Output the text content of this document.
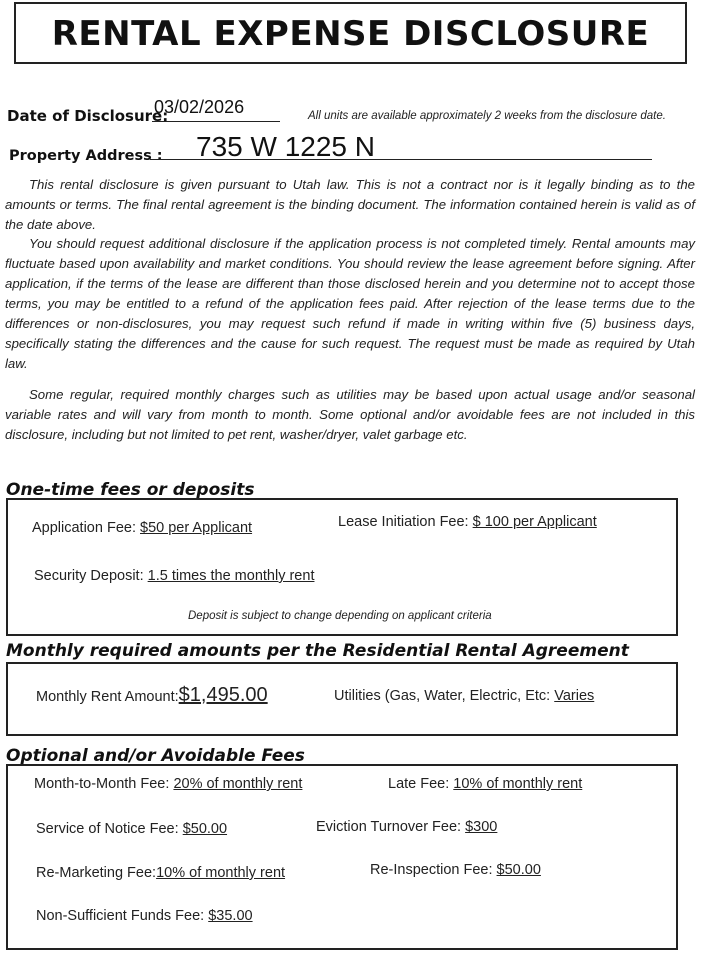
RENTAL EXPENSE DISCLOSURE
Date of Disclosure:
03/02/2026	All units are available approximately 2 weeks from the disclosure date.
Property Address : 735 W 1225 N
This rental disclosure is given pursuant to Utah law. This is not a contract nor is it legally binding as to the amounts or terms. The final rental agreement is the binding document. The information contained herein is valid as of the date above.
You should request additional disclosure if the application process is not completed timely. Rental amounts may fluctuate based upon availability and market conditions. You should review the lease agreement before signing. After application, if the terms of the lease are different than those disclosed herein and you determine not to accept those terms, you may be entitled to a refund of the application fees paid. After rejection of the lease terms due to the differences or non-disclosures, you may request such refund if made in writing within five (5) business days, specifically stating the differences and the cause for such request. The request must be made as required by Utah law.
Some regular, required monthly charges such as utilities may be based upon actual usage and/or seasonal variable rates and will vary from month to month. Some optional and/or avoidable fees are not included in this disclosure, including but not limited to pet rent, washer/dryer, valet garbage etc.
One-time fees or deposits
Application Fee: $50 per Applicant	Lease Initiation Fee: $ 100 per Applicant
Security Deposit: 1.5 times the monthly rent
Deposit is subject to change depending on applicant criteria
Monthly required amounts per the Residential Rental Agreement
Monthly Rent Amount:$1,495.00	Utilities (Gas, Water, Electric, Etc: Varies
Optional and/or Avoidable Fees
Month-to-Month Fee: 20% of monthly rent	Late Fee: 10% of monthly rent
Service of Notice Fee: $50.00	Eviction Turnover Fee: $300
Re-Marketing Fee:10% of monthly rent	Re-Inspection Fee: $50.00
Non-Sufficient Funds Fee: $35.00
